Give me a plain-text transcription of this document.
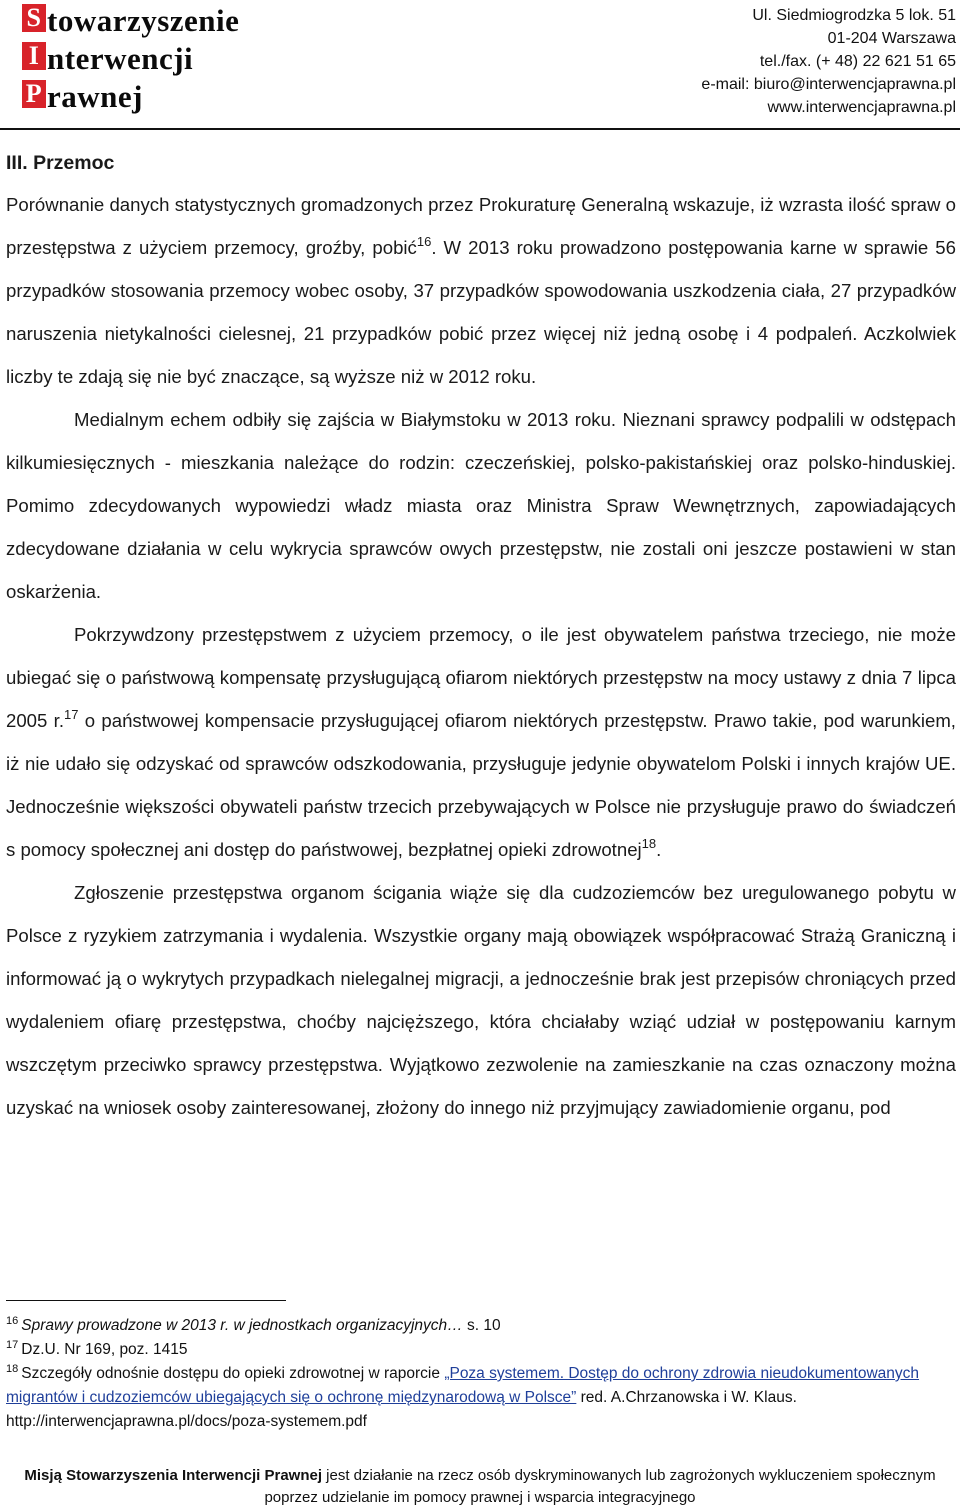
S towarzyszenie
I nterwencji
P rawnej
Ul. Siedmiogrodzka 5 lok. 51
01-204 Warszawa
tel./fax. (+ 48) 22 621 51 65
e-mail: biuro@interwencjaprawna.pl
www.interwencjaprawna.pl

III. Przemoc

Porównanie danych statystycznych gromadzonych przez Prokuraturę Generalną wskazuje, iż wzrasta ilość spraw o przestępstwa z użyciem przemocy, groźby, pobić$^{16}$. W 2013 roku prowadzono postępowania karne w sprawie 56 przypadków stosowania przemocy wobec osoby, 37 przypadków spowodowania uszkodzenia ciała, 27 przypadków naruszenia nietykalności cielesnej, 21 przypadków pobić przez więcej niż jedną osobę i 4 podpaleń. Aczkolwiek liczby te zdają się nie być znaczące, są wyższe niż w 2012 roku.

Medialnym echem odbiły się zajścia w Białymstoku w 2013 roku. Nieznani sprawcy podpalili w odstępach kilkumiesięcznych - mieszkania należące do rodzin: czeczeńskiej, polsko-pakistańskiej oraz polsko-hinduskiej. Pomimo zdecydowanych wypowiedzi władz miasta oraz Ministra Spraw Wewnętrznych, zapowiadających zdecydowane działania w celu wykrycia sprawców owych przestępstw, nie zostali oni jeszcze postawieni w stan oskarżenia.

Pokrzywdzony przestępstwem z użyciem przemocy, o ile jest obywatelem państwa trzeciego, nie może ubiegać się o państwową kompensatę przysługującą ofiarom niektórych przestępstw na mocy ustawy z dnia 7 lipca 2005 r.$^{17}$ o państwowej kompensacie przysługującej ofiarom niektórych przestępstw. Prawo takie, pod warunkiem, iż nie udało się odzyskać od sprawców odszkodowania, przysługuje jedynie obywatelom Polski i innych krajów UE. Jednocześnie większości obywateli państw trzecich przebywających w Polsce nie przysługuje prawo do świadczeń s pomocy społecznej ani dostęp do państwowej, bezpłatnej opieki zdrowotnej$^{18}$.

Zgłoszenie przestępstwa organom ścigania wiąże się dla cudzoziemców bez uregulowanego pobytu w Polsce z ryzykiem zatrzymania i wydalenia. Wszystkie organy mają obowiązek współpracować Strażą Graniczną i informować ją o wykrytych przypadkach nielegalnej migracji, a jednocześnie brak jest przepisów chroniących przed wydaleniem ofiarę przestępstwa, choćby najcięższego, która chciałaby wziąć udział w postępowaniu karnym wszczętym przeciwko sprawcy przestępstwa. Wyjątkowo zezwolenie na zamieszkanie na czas oznaczony można uzyskać na wniosek osoby zainteresowanej, złożony do innego niż przyjmujący zawiadomienie organu, pod

$^{16}$ Sprawy prowadzone w 2013 r. w jednostkach organizacyjnych… s. 10

$^{17}$ Dz.U. Nr 169, poz. 1415

$^{18}$ Szczegóły odnośnie dostępu do opieki zdrowotnej w raporcie „Poza systemem. Dostęp do ochrony zdrowia nieudokumentowanych migrantów i cudzoziemców ubiegających się o ochronę międzynarodową w Polsce” red. A.Chrzanowska i W. Klaus. http://interwencjaprawna.pl/docs/poza-systemem.pdf

Misją Stowarzyszenia Interwencji Prawnej jest działanie na rzecz osób dyskryminowanych lub zagrożonych wykluczeniem społecznym poprzez udzielanie im pomocy prawnej i wsparcia integracyjnego
